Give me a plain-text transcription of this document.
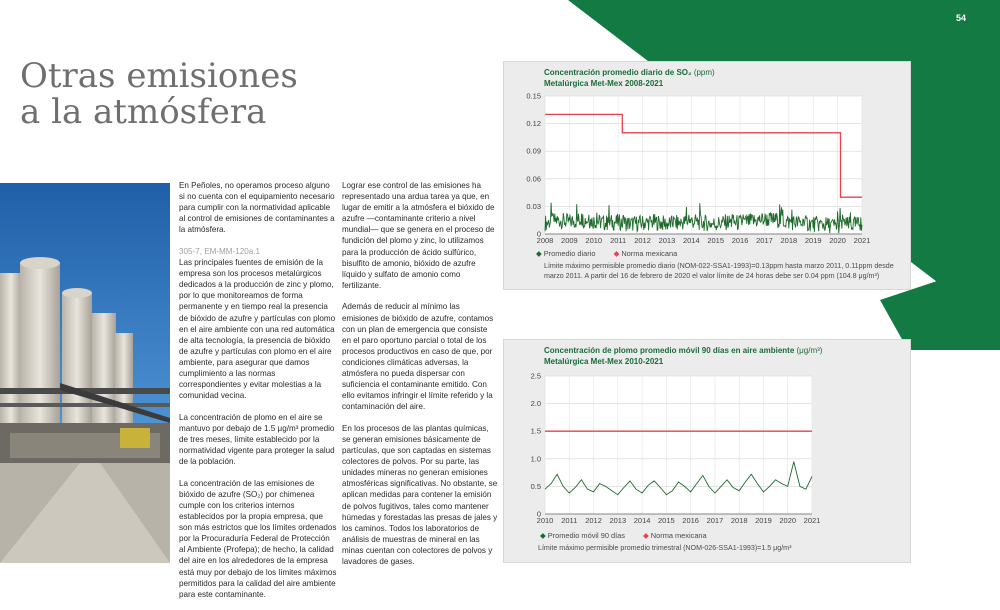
54
Otras emisiones
a la atmósfera

En Peñoles, no operamos proceso alguno si no cuenta con el equipamiento necesario para cumplir con la normatividad aplicable al control de emisiones de contaminantes a la atmósfera.

305-7, EM-MM-120a.1
Las principales fuentes de emisión de la empresa son los procesos metalúrgicos dedicados a la producción de zinc y plomo, por lo que monitoreamos de forma permanente y en tiempo real la presencia de bióxido de azufre y partículas con plomo en el aire ambiente con una red automática de alta tecnología, la presencia de bióxido de azufre y partículas con plomo en el aire ambiente, para asegurar que damos cumplimiento a las normas correspondientes y evitar molestias a la comunidad vecina.

La concentración de plomo en el aire se mantuvo por debajo de 1.5 μg/m³ promedio de tres meses, límite establecido por la normatividad vigente para proteger la salud de la población.

La concentración de las emisiones de bióxido de azufre (SO₂) por chimenea cumple con los criterios internos establecidos por la propia empresa, que son más estrictos que los límites ordenados por la Procuraduría Federal de Protección al Ambiente (Profepa); de hecho, la calidad del aire en los alrededores de la empresa está muy por debajo de los límites máximos permitidos para la calidad del aire ambiente para este contaminante.

Lograr ese control de las emisiones ha representado una ardua tarea ya que, en lugar de emitir a la atmósfera el bióxido de azufre —contaminante criterio a nivel mundial— que se genera en el proceso de fundición del plomo y zinc, lo utilizamos para la producción de ácido sulfúrico, bisulfito de amonio, bióxido de azufre líquido y sulfato de amonio como fertilizante.

Además de reducir al mínimo las emisiones de bióxido de azufre, contamos con un plan de emergencia que consiste en el paro oportuno parcial o total de los procesos productivos en caso de que, por condiciones climáticas adversas, la atmósfera no pueda dispersar con suficiencia el contaminante emitido. Con ello evitamos infringir el límite referido y la contaminación del aire.

En los procesos de las plantas químicas, se generan emisiones básicamente de partículas, que son captadas en sistemas colectores de polvos. Por su parte, las unidades mineras no generan emisiones atmosféricas significativas. No obstante, se aplican medidas para contener la emisión de polvos fugitivos, tales como mantener húmedas y forestadas las presas de jales y los caminos. Todos los laboratorios de análisis de muestras de mineral en las minas cuentan con colectores de polvos y lavadores de gases.

Concentración promedio diario de SO₂ (ppm)
Metalúrgica Met-Mex 2008-2021
0
0.03
0.06
0.09
0.12
0.15
2008 2009 2010 2011 2012 2013 2014 2015 2016 2017 2018 2019 2020 2021
◆ Promedio diario ◆ Norma mexicana
Límite máximo permisible promedio diario (NOM-022-SSA1-1993)=0.13ppm hasta marzo 2011, 0.11ppm desde marzo 2011. A partir del 16 de febrero de 2020 el valor límite de 24 horas debe ser 0.04 ppm (104.8 μg/m³)
Concentración de plomo promedio móvil 90 días en aire ambiente (μg/m³)
Metalúrgica Met-Mex 2010-2021
0
0.5
1.0
1.5
2.0
2.5
2010 2011 2012 2013 2014 2015 2016 2017 2018 2019 2020 2021
◆ Promedio móvil 90 días ◆ Norma mexicana
Límite máximo permisible promedio trimestral (NOM-026-SSA1-1993)=1.5 μg/m³
